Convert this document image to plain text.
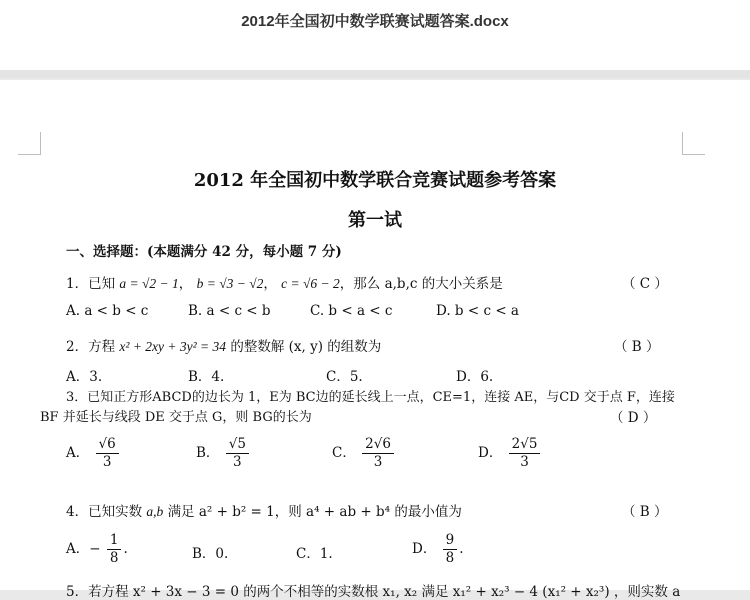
2012年全国初中数学联赛试题答案.docx
2012 年全国初中数学联合竞赛试题参考答案
第一试
一、选择题：(本题满分 42 分，每小题 7 分)
1．已知 a = √2 − 1， b = √3 − √2， c = √6 − 2，那么 a,b,c 的大小关系是	（ C ）
A. a < b < c	B. a < c < b	C. b < a < c	D. b < c < a
2．方程 x² + 2xy + 3y² = 34 的整数解 (x, y) 的组数为	（ B ）
A．3.	B．4.	C．5.	D．6.
3．已知正方形ABCD的边长为 1，E为 BC边的延长线上一点，CE=1，连接 AE，与CD 交于点 F，连接
BF 并延长与线段 DE 交于点 G，则 BG的长为	（ D ）
A． $\frac{√6}{3}$	B． $\frac{√5}{3}$	C． $\frac{2√6}{3}$	D． $\frac{2√5}{3}$
4．已知实数 a,b 满足 a² + b² = 1，则 a⁴ + ab + b⁴ 的最小值为	（ B ）
A．− $\frac{1}{8}$ .	B．0.	C．1.	D． $\frac{9}{8}$ .
5．若方程 x² + 3x − 3 = 0 的两个不相等的实数根 x₁, x₂ 满足 x₁² + x₂³ − 4 (x₁² + x₂³) ，则实数 a
